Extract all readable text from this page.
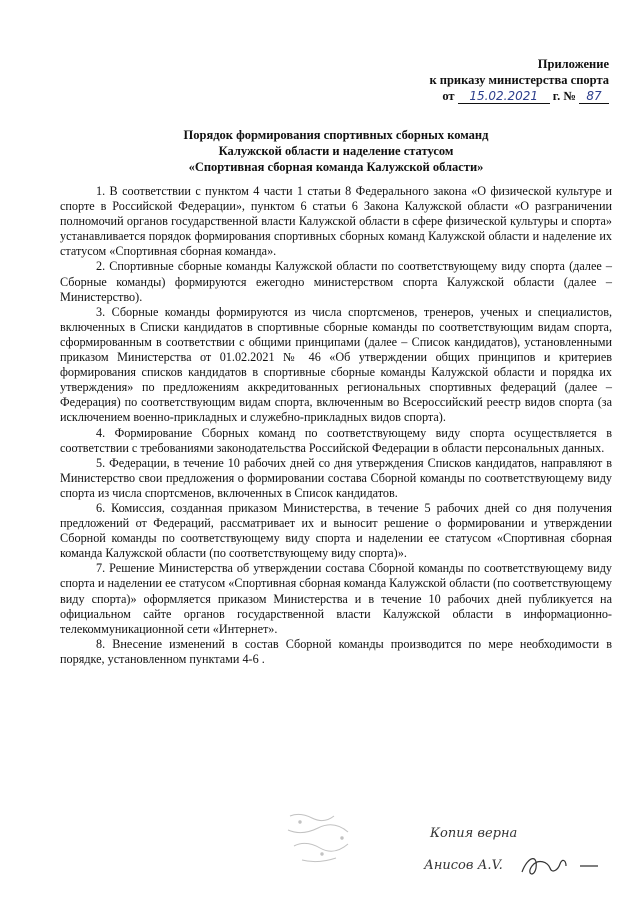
Приложение
к приказу министерства спорта
от 15.02.2021 г. № 87
Порядок формирования спортивных сборных команд
Калужской области и наделение статусом
«Спортивная сборная команда Калужской области»

1. В соответствии с пунктом 4 части 1 статьи 8 Федерального закона «О физической культуре и спорте в Российской Федерации», пунктом 6 статьи 6 Закона Калужской области «О разграничении полномочий органов государственной власти Калужской области в сфере физической культуры и спорта» устанавливается порядок формирования спортивных сборных команд Калужской области и наделение их статусом «Спортивная сборная команда».

2. Спортивные сборные команды Калужской области по соответствующему виду спорта (далее – Сборные команды) формируются ежегодно министерством спорта Калужской области (далее – Министерство).

3. Сборные команды формируются из числа спортсменов, тренеров, ученых и специалистов, включенных в Списки кандидатов в спортивные сборные команды по соответствующим видам спорта, сформированным в соответствии с общими принципами (далее – Список кандидатов), установленными приказом Министерства от 01.02.2021 № 46 «Об утверждении общих принципов и критериев формирования списков кандидатов в спортивные сборные команды Калужской области и порядка их утверждения» по предложениям аккредитованных региональных спортивных федераций (далее – Федерация) по соответствующим видам спорта, включенным во Всероссийский реестр видов спорта (за исключением военно-прикладных и служебно-прикладных видов спорта).

4. Формирование Сборных команд по соответствующему виду спорта осуществляется в соответствии с требованиями законодательства Российской Федерации в области персональных данных.

5. Федерации, в течение 10 рабочих дней со дня утверждения Списков кандидатов, направляют в Министерство свои предложения о формировании состава Сборной команды по соответствующему виду спорта из числа спортсменов, включенных в Список кандидатов.

6. Комиссия, созданная приказом Министерства, в течение 5 рабочих дней со дня получения предложений от Федераций, рассматривает их и выносит решение о формировании и утверждении Сборной команды по соответствующему виду спорта и наделении ее статусом «Спортивная сборная команда Калужской области (по соответствующему виду спорта)».

7. Решение Министерства об утверждении состава Сборной команды по соответствующему виду спорта и наделении ее статусом «Спортивная сборная команда Калужской области (по соответствующему виду спорта)» оформляется приказом Министерства и в течение 10 рабочих дней публикуется на официальном сайте органов государственной власти Калужской области в информационно-телекоммуникационной сети «Интернет».

8. Внесение изменений в состав Сборной команды производится по мере необходимости в порядке, установленном пунктами 4-6 .

Копия верна
Анисов А.V.
